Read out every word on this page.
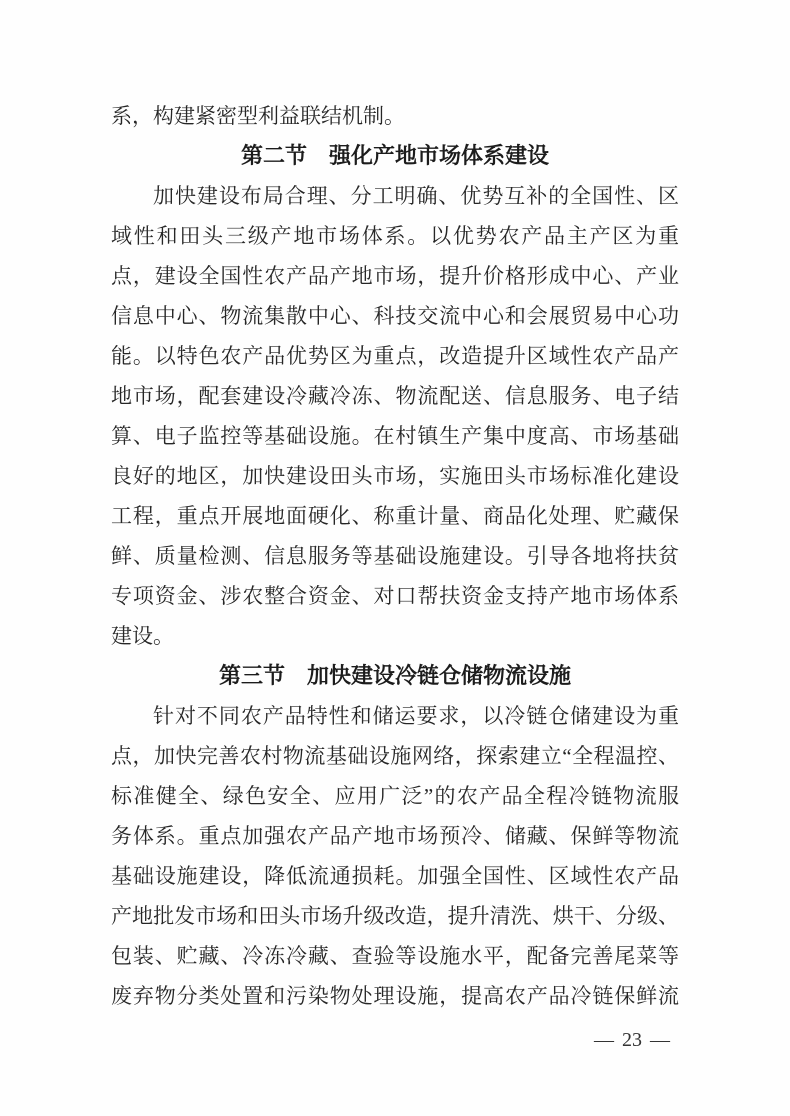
系，构建紧密型利益联结机制。
第二节 强化产地市场体系建设
加快建设布局合理、分工明确、优势互补的全国性、区
域性和田头三级产地市场体系。以优势农产品主产区为重
点，建设全国性农产品产地市场，提升价格形成中心、产业
信息中心、物流集散中心、科技交流中心和会展贸易中心功
能。以特色农产品优势区为重点，改造提升区域性农产品产
地市场，配套建设冷藏冷冻、物流配送、信息服务、电子结
算、电子监控等基础设施。在村镇生产集中度高、市场基础
良好的地区，加快建设田头市场，实施田头市场标准化建设
工程，重点开展地面硬化、称重计量、商品化处理、贮藏保
鲜、质量检测、信息服务等基础设施建设。引导各地将扶贫
专项资金、涉农整合资金、对口帮扶资金支持产地市场体系
建设。
第三节 加快建设冷链仓储物流设施
针对不同农产品特性和储运要求，以冷链仓储建设为重
点，加快完善农村物流基础设施网络，探索建立“全程温控、
标准健全、绿色安全、应用广泛”的农产品全程冷链物流服
务体系。重点加强农产品产地市场预冷、储藏、保鲜等物流
基础设施建设，降低流通损耗。加强全国性、区域性农产品
产地批发市场和田头市场升级改造，提升清洗、烘干、分级、
包装、贮藏、冷冻冷藏、查验等设施水平，配备完善尾菜等
废弃物分类处置和污染物处理设施，提高农产品冷链保鲜流
— 23 —
